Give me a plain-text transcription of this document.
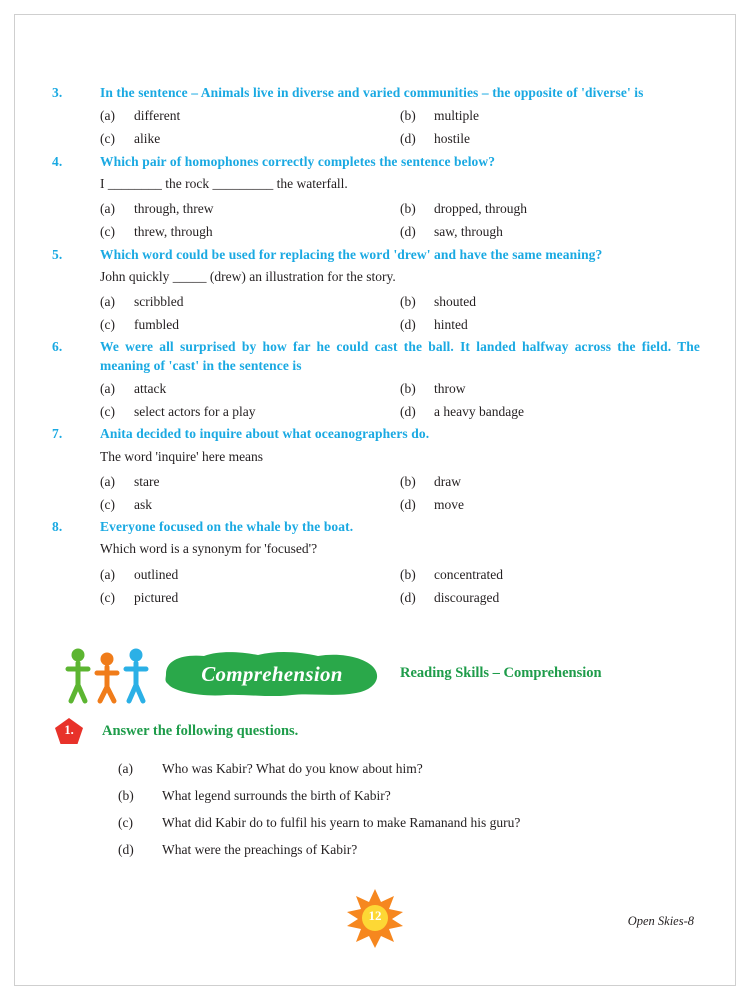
3.	In the sentence – Animals live in diverse and varied communities – the opposite of 'diverse' is
(a)	different	(b)	multiple
(c)	alike	(d)	hostile
4.	Which pair of homophones correctly completes the sentence below?
I ________ the rock _________ the waterfall.
(a)	through, threw	(b)	dropped, through
(c)	threw, through	(d)	saw, through
5.	Which word could be used for replacing the word 'drew' and have the same meaning?
John quickly _____ (drew) an illustration for the story.
(a)	scribbled	(b)	shouted
(c)	fumbled	(d)	hinted
6.	We were all surprised by how far he could cast the ball. It landed halfway across the field. The meaning of 'cast' in the sentence is
(a)	attack	(b)	throw
(c)	select actors for a play	(d)	a heavy bandage
7.	Anita decided to inquire about what oceanographers do.
The word 'inquire' here means
(a)	stare	(b)	draw
(c)	ask	(d)	move
8.	Everyone focused on the whale by the boat.
Which word is a synonym for 'focused'?
(a)	outlined	(b)	concentrated
(c)	pictured	(d)	discouraged
Comprehension	Reading Skills – Comprehension
1.	Answer the following questions.
(a)	Who was Kabir? What do you know about him?
(b)	What legend surrounds the birth of Kabir?
(c)	What did Kabir do to fulfil his yearn to make Ramanand his guru?
(d)	What were the preachings of Kabir?
12	Open Skies-8
